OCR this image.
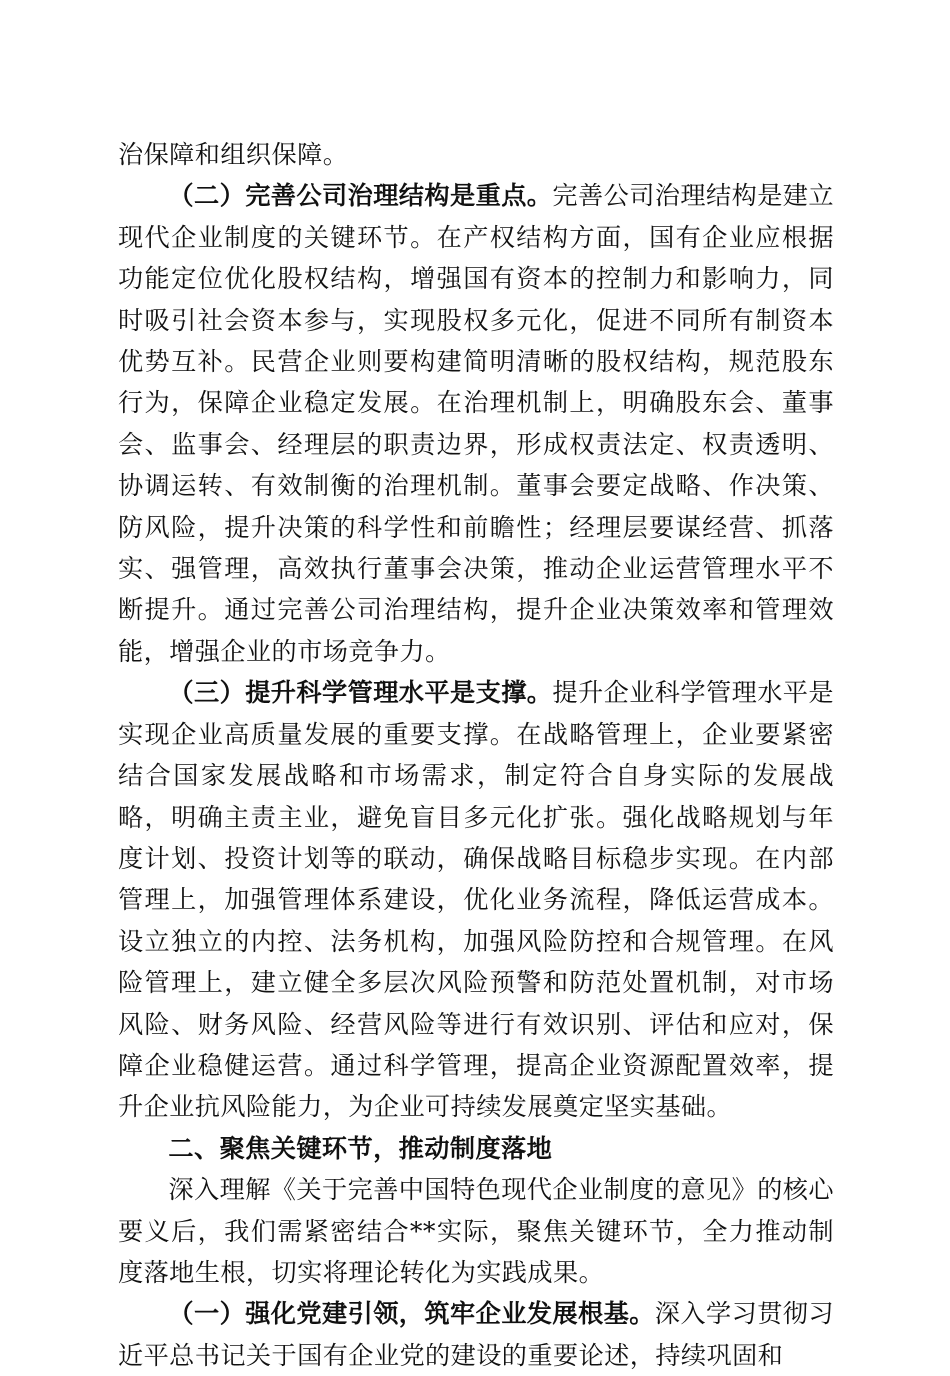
治保障和组织保障。

（二）完善公司治理结构是重点。完善公司治理结构是建立现代企业制度的关键环节。在产权结构方面，国有企业应根据功能定位优化股权结构，增强国有资本的控制力和影响力，同时吸引社会资本参与，实现股权多元化，促进不同所有制资本优势互补。民营企业则要构建简明清晰的股权结构，规范股东行为，保障企业稳定发展。在治理机制上，明确股东会、董事会、监事会、经理层的职责边界，形成权责法定、权责透明、协调运转、有效制衡的治理机制。董事会要定战略、作决策、防风险，提升决策的科学性和前瞻性；经理层要谋经营、抓落实、强管理，高效执行董事会决策，推动企业运营管理水平不断提升。通过完善公司治理结构，提升企业决策效率和管理效能，增强企业的市场竞争力。

（三）提升科学管理水平是支撑。提升企业科学管理水平是实现企业高质量发展的重要支撑。在战略管理上，企业要紧密结合国家发展战略和市场需求，制定符合自身实际的发展战略，明确主责主业，避免盲目多元化扩张。强化战略规划与年度计划、投资计划等的联动，确保战略目标稳步实现。在内部管理上，加强管理体系建设，优化业务流程，降低运营成本。设立独立的内控、法务机构，加强风险防控和合规管理。在风险管理上，建立健全多层次风险预警和防范处置机制，对市场风险、财务风险、经营风险等进行有效识别、评估和应对，保障企业稳健运营。通过科学管理，提高企业资源配置效率，提升企业抗风险能力，为企业可持续发展奠定坚实基础。

二、聚焦关键环节，推动制度落地

深入理解《关于完善中国特色现代企业制度的意见》的核心要义后，我们需紧密结合**实际，聚焦关键环节，全力推动制度落地生根，切实将理论转化为实践成果。

（一）强化党建引领，筑牢企业发展根基。深入学习贯彻习近平总书记关于国有企业党的建设的重要论述，持续巩固和
